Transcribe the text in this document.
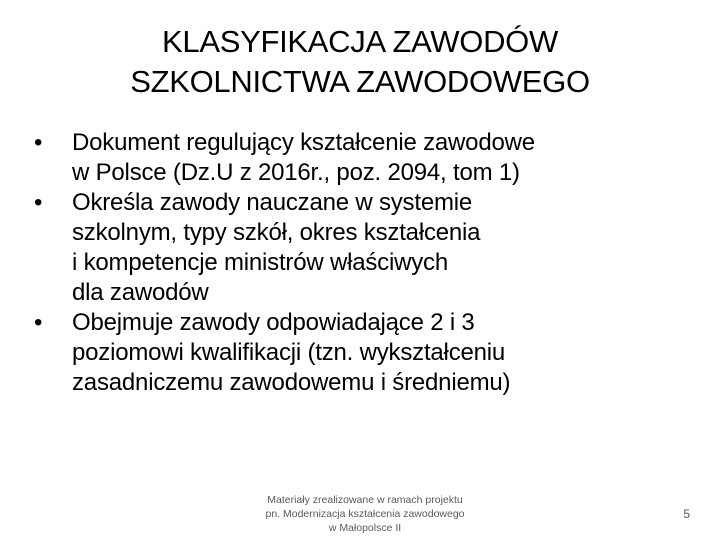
KLASYFIKACJA ZAWODÓW
SZKOLNICTWA ZAWODOWEGO
•	Dokument regulujący kształcenie zawodowe
w Polsce (Dz.U z 2016r., poz. 2094, tom 1)
•	Określa zawody nauczane w systemie
szkolnym, typy szkół, okres kształcenia
i kompetencje ministrów właściwych
dla zawodów
•	Obejmuje zawody odpowiadające 2 i 3
poziomowi kwalifikacji (tzn. wykształceniu
zasadniczemu zawodowemu i średniemu)
Materiały zrealizowane w ramach projektu
pn. Modernizacja kształcenia zawodowego
w Małopolsce II
5
